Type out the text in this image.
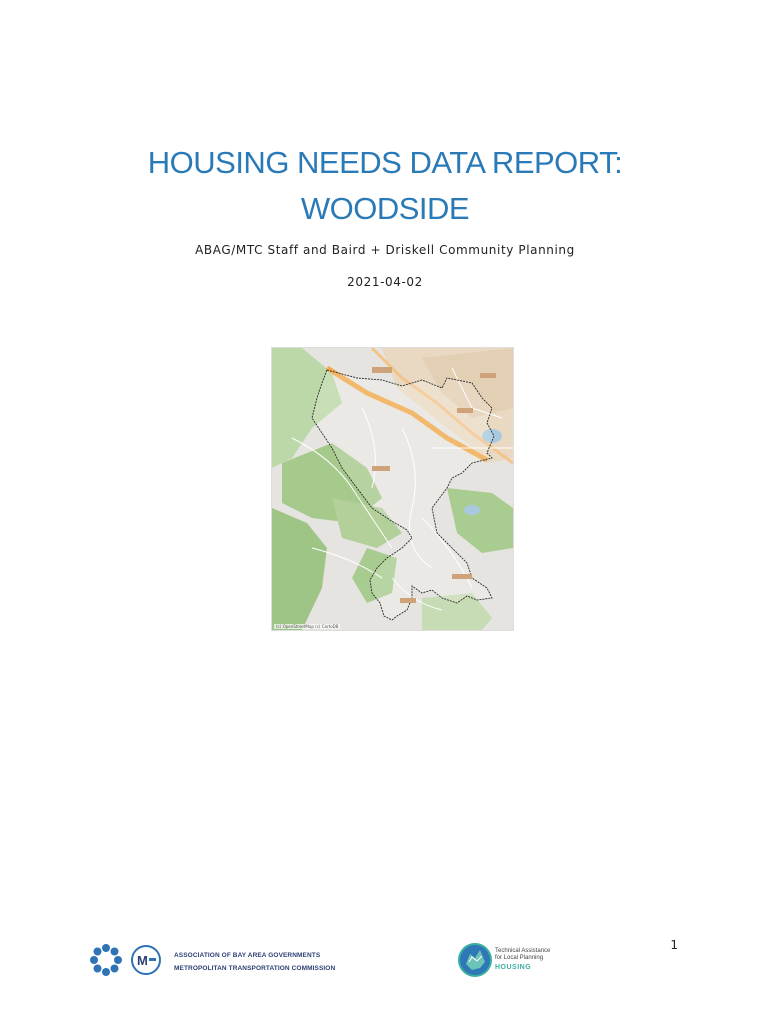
HOUSING NEEDS DATA REPORT:
WOODSIDE
ABAG/MTC Staff and Baird + Driskell Community Planning
2021-04-02
(c) OpenStreetMap (c) CartoDB
M	ASSOCIATION OF BAY AREA GOVERNMENTS
METROPOLITAN TRANSPORTATION COMMISSION
Technical Assistance
for Local Planning
HOUSING
1
